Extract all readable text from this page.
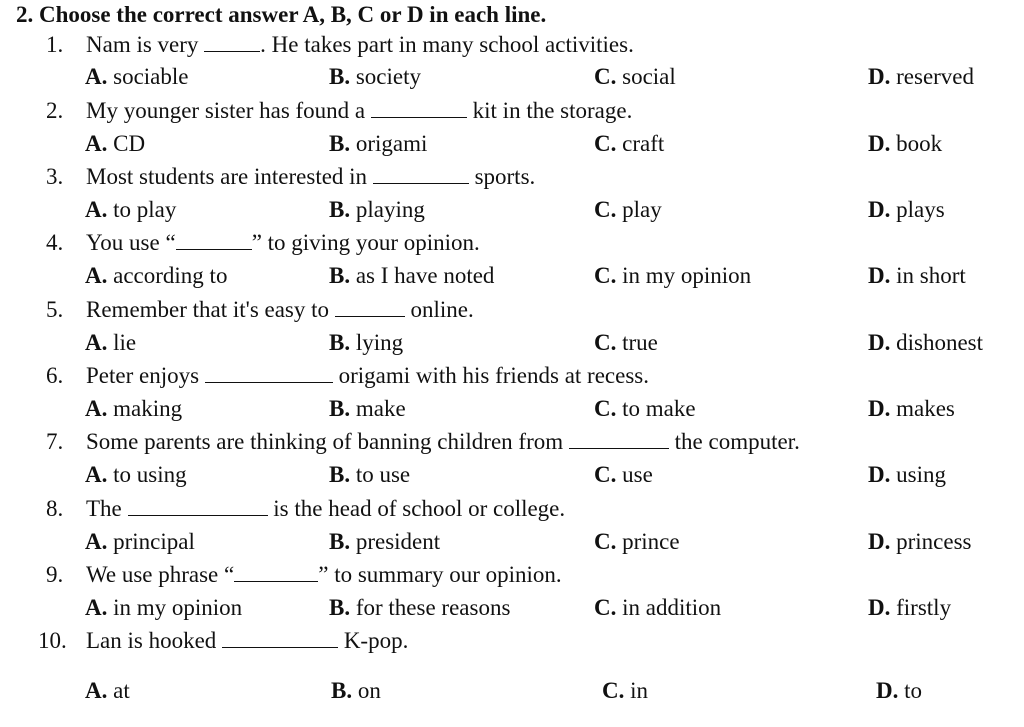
2. Choose the correct answer A, B, C or D in each line.
1. Nam is very . He takes part in many school activities.
A. sociable	B. society	C. social	D. reserved
2. My younger sister has found a	kit in the storage.
A. CD	B. origami	C. craft	D. book
3. Most students are interested in	sports.
A. to play	B. playing	C. play	D. plays
4. You use “	” to giving your opinion.
A. according to	B. as I have noted	C. in my opinion	D. in short
5. Remember that it's easy to	online.
A. lie	B. lying	C. true	D. dishonest
6. Peter enjoys	origami with his friends at recess.
A. making	B. make	C. to make	D. makes
7. Some parents are thinking of banning children from	the computer.
A. to using	B. to use	C. use	D. using
8. The	is the head of school or college.
A. principal	B. president	C. prince	D. princess
9. We use phrase “	” to summary our opinion.
A. in my opinion	B. for these reasons	C. in addition	D. firstly
10. Lan is hooked	K-pop.
A. at	B. on	C. in	D. to
